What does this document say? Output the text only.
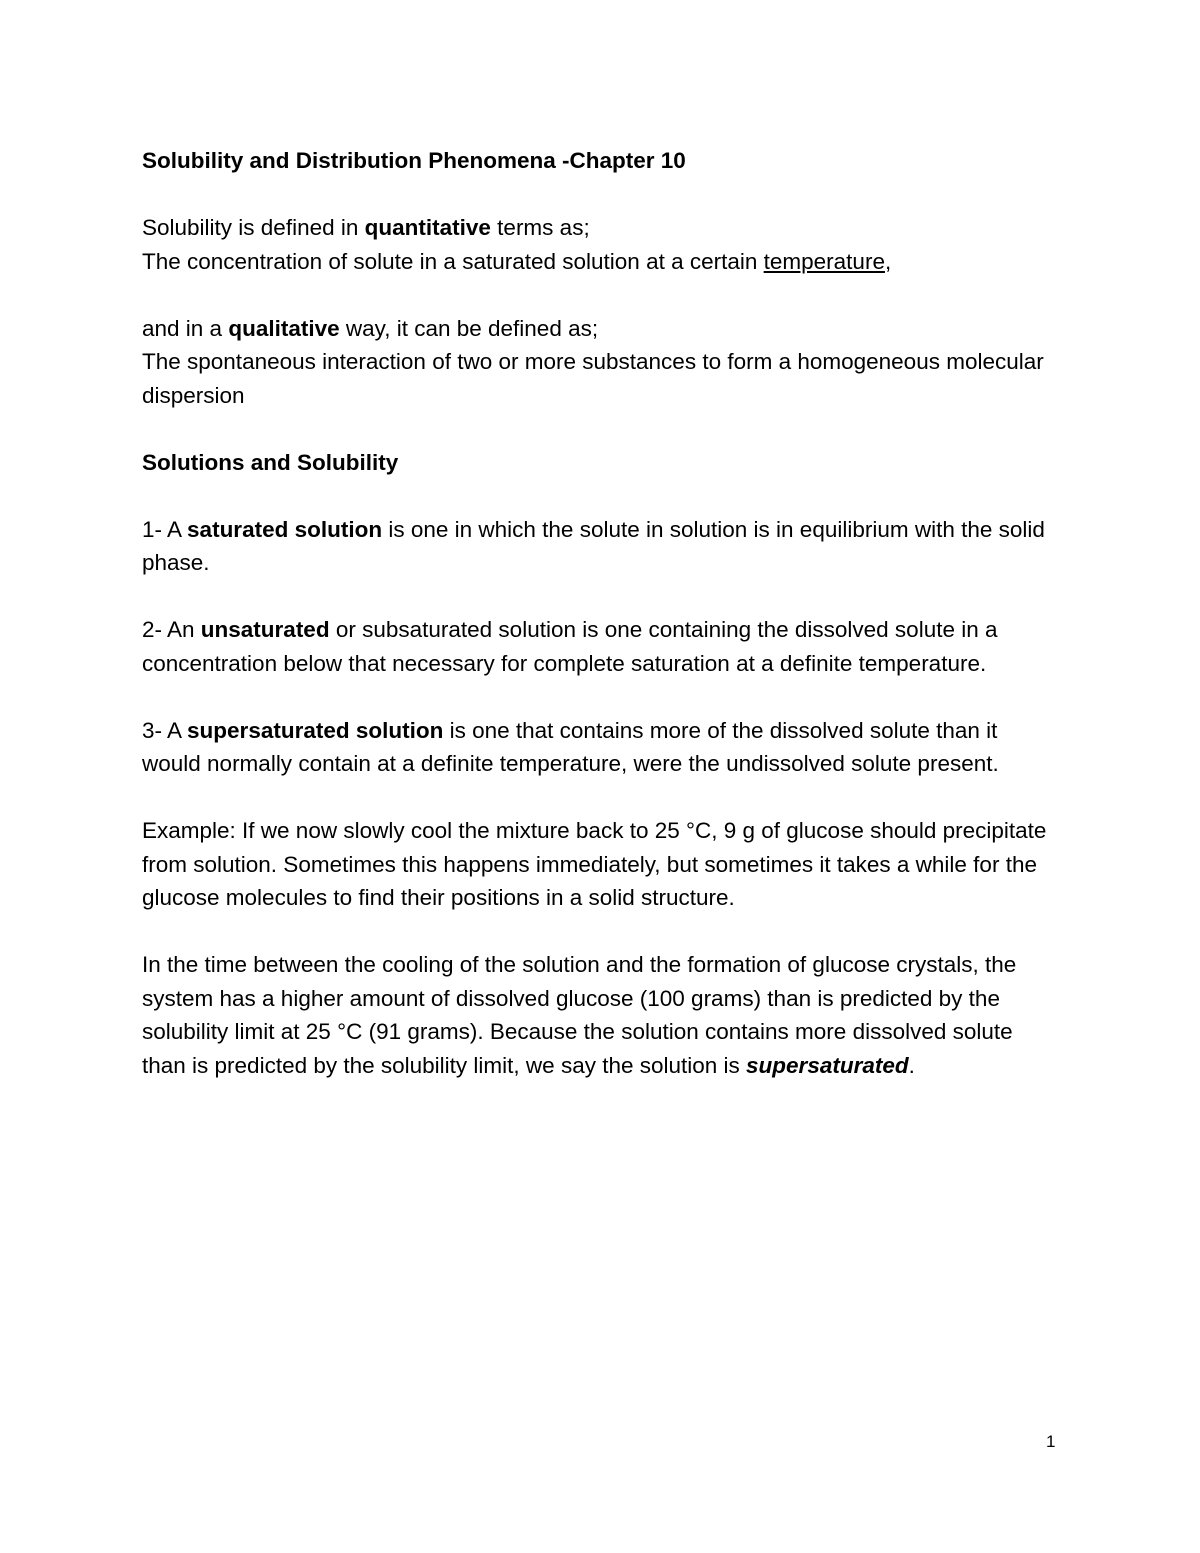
Solubility and Distribution Phenomena -Chapter 10

Solubility is defined in quantitative terms as;
The concentration of solute in a saturated solution at a certain temperature,

and in a qualitative way, it can be defined as;
The spontaneous interaction of two or more substances to form a homogeneous molecular dispersion

Solutions and Solubility

1- A saturated solution is one in which the solute in solution is in equilibrium with the solid phase.

2- An unsaturated or subsaturated solution is one containing the dissolved solute in a concentration below that necessary for complete saturation at a definite temperature.

3- A supersaturated solution is one that contains more of the dissolved solute than it would normally contain at a definite temperature, were the undissolved solute present.

Example: If we now slowly cool the mixture back to 25 °C, 9 g of glucose should precipitate from solution. Sometimes this happens immediately, but sometimes it takes a while for the glucose molecules to find their positions in a solid structure.

In the time between the cooling of the solution and the formation of glucose crystals, the system has a higher amount of dissolved glucose (100 grams) than is predicted by the solubility limit at 25 °C (91 grams). Because the solution contains more dissolved solute than is predicted by the solubility limit, we say the solution is supersaturated.

1
